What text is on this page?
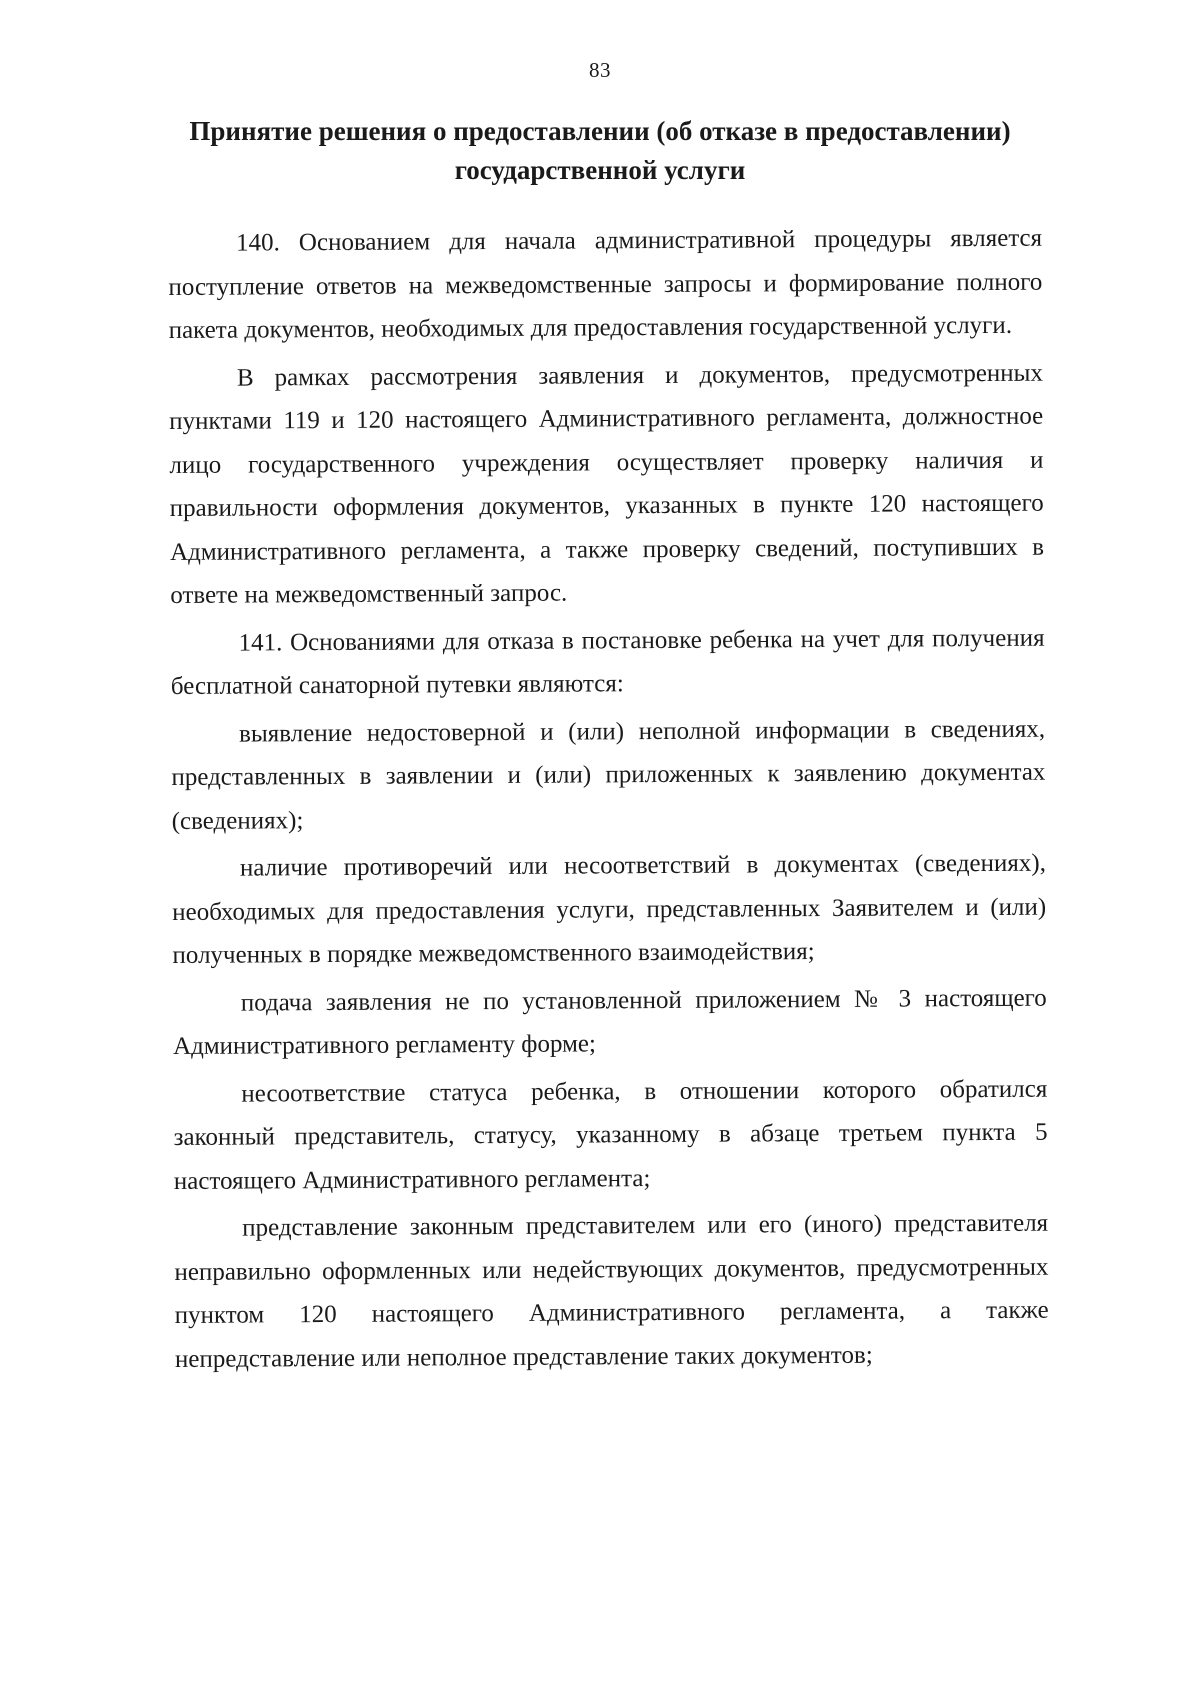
83
Принятие решения о предоставлении (об отказе в предоставлении)
государственной услуги

140. Основанием для начала административной процедуры является поступление ответов на межведомственные запросы и формирование полного пакета документов, необходимых для предоставления государственной услуги.

В рамках рассмотрения заявления и документов, предусмотренных пунктами 119 и 120 настоящего Административного регламента, должностное лицо государственного учреждения осуществляет проверку наличия и правильности оформления документов, указанных в пункте 120 настоящего Административного регламента, а также проверку сведений, поступивших в ответе на межведомственный запрос.

141. Основаниями для отказа в постановке ребенка на учет для получения бесплатной санаторной путевки являются:

выявление недостоверной и (или) неполной информации в сведениях, представленных в заявлении и (или) приложенных к заявлению документах (сведениях);

наличие противоречий или несоответствий в документах (сведениях), необходимых для предоставления услуги, представленных Заявителем и (или) полученных в порядке межведомственного взаимодействия;

подача заявления не по установленной приложением № 3 настоящего Административного регламенту форме;

несоответствие статуса ребенка, в отношении которого обратился законный представитель, статусу, указанному в абзаце третьем пункта 5 настоящего Административного регламента;

представление законным представителем или его (иного) представителя неправильно оформленных или недействующих документов, предусмотренных пунктом 120 настоящего Административного регламента, а также непредставление или неполное представление таких документов;
